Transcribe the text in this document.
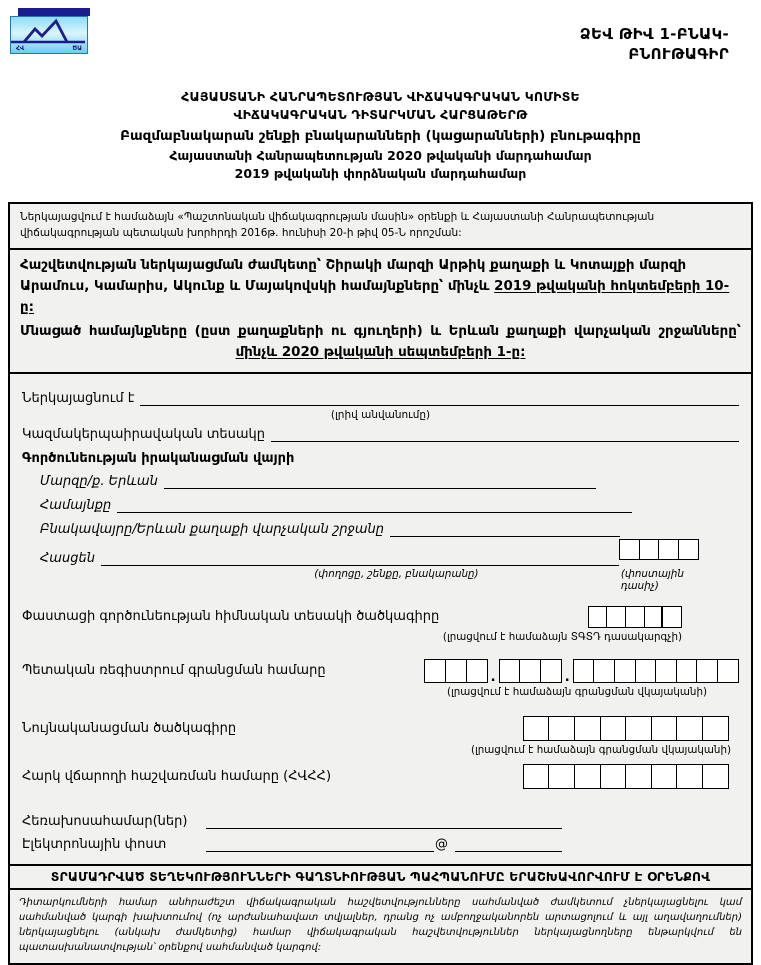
ՀՎ	ԾԱ
ՁԵՎ ԹԻՎ 1-ԲՆԱԿ-
ԲՆՈՒԹԱԳԻՐ
ՀԱՅԱՍՏԱՆԻ ՀԱՆՐԱՊԵՏՈՒԹՅԱՆ ՎԻՃԱԿԱԳՐԱԿԱՆ ԿՈՄԻՏԵ
ՎԻՃԱԿԱԳՐԱԿԱՆ ԴԻՏԱՐԿՄԱՆ ՀԱՐՑԱԹԵՐԹ
Բազմաբնակարան շենքի բնակարանների (կացարանների) բնութագիրը
Հայաստանի Հանրապետության 2020 թվականի մարդահամար
2019 թվականի փորձնական մարդահամար
Ներկայացվում է համաձայն «Պաշտոնական վիճակագրության մասին» օրենքի և Հայաստանի Հանրապետության վիճակագրության պետական խորհրդի 2016թ. հունիսի 20-ի թիվ 05-Ն որոշման:

Հաշվետվության ներկայացման ժամկետը՝ Շիրակի մարզի Արթիկ քաղաքի և Կոտայքի մարզի Արամուս, Կամարիս, Ակունք և Մայակովսկի համայնքները՝ մինչև 2019 թվականի հոկտեմբերի 10-ը:

Մնացած համայնքները (ըստ քաղաքների ու գյուղերի) և Երևան քաղաքի վարչական շրջանները՝ մինչև 2020 թվականի սեպտեմբերի 1-ը:

Ներկայացնում է
(լրիվ անվանումը)
Կազմակերպաիրավական տեսակը
Գործունեության իրականացման վայրի
Մարզը/ք. Երևան
Համայնքը
Բնակավայրը/Երևան քաղաքի վարչական շրջանը
Հասցեն
(փողոցը, շենքը, բնակարանը)	(փոստային դասիչ)
Փաստացի գործունեության հիմնական տեսակի ծածկագիրը
(լրացվում է համաձայն ՏԳՏԴ դասակարգչի)
Պետական ռեգիստրում գրանցման համարը	.	.
(լրացվում է համաձայն գրանցման վկայականի)
Նույնականացման ծածկագիրը
(լրացվում է համաձայն գրանցման վկայականի)
Հարկ վճարողի հաշվառման համարը (ՀՎՀՀ)
Հեռախոսահամար(ներ)
Էլեկտրոնային փոստ	@
ՏՐԱՄԱԴՐՎԱԾ ՏԵՂԵԿՈՒԹՅՈՒՆՆԵՐԻ ԳԱՂՏՆԻՈՒԹՅԱՆ ՊԱՀՊԱՆՈՒՄԸ ԵՐԱՇԽԱՎՈՐՎՈՒՄ Է ՕՐԵՆՔՈՎ
Դիտարկումների համար անհրաժեշտ վիճակագրական հաշվետվությունները սահմանված ժամկետում չներկայացնելու կամ սահմանված կարգի խախտումով (ոչ արժանահավատ տվյալներ, դրանց ոչ ամբողջականորեն արտացոլում և այլ աղավաղումներ) ներկայացնելու (անկախ ժամկետից) համար վիճակագրական հաշվետվություններ ներկայացնողները ենթարկվում են պատասխանատվության՝ օրենքով սահմանված կարգով:
